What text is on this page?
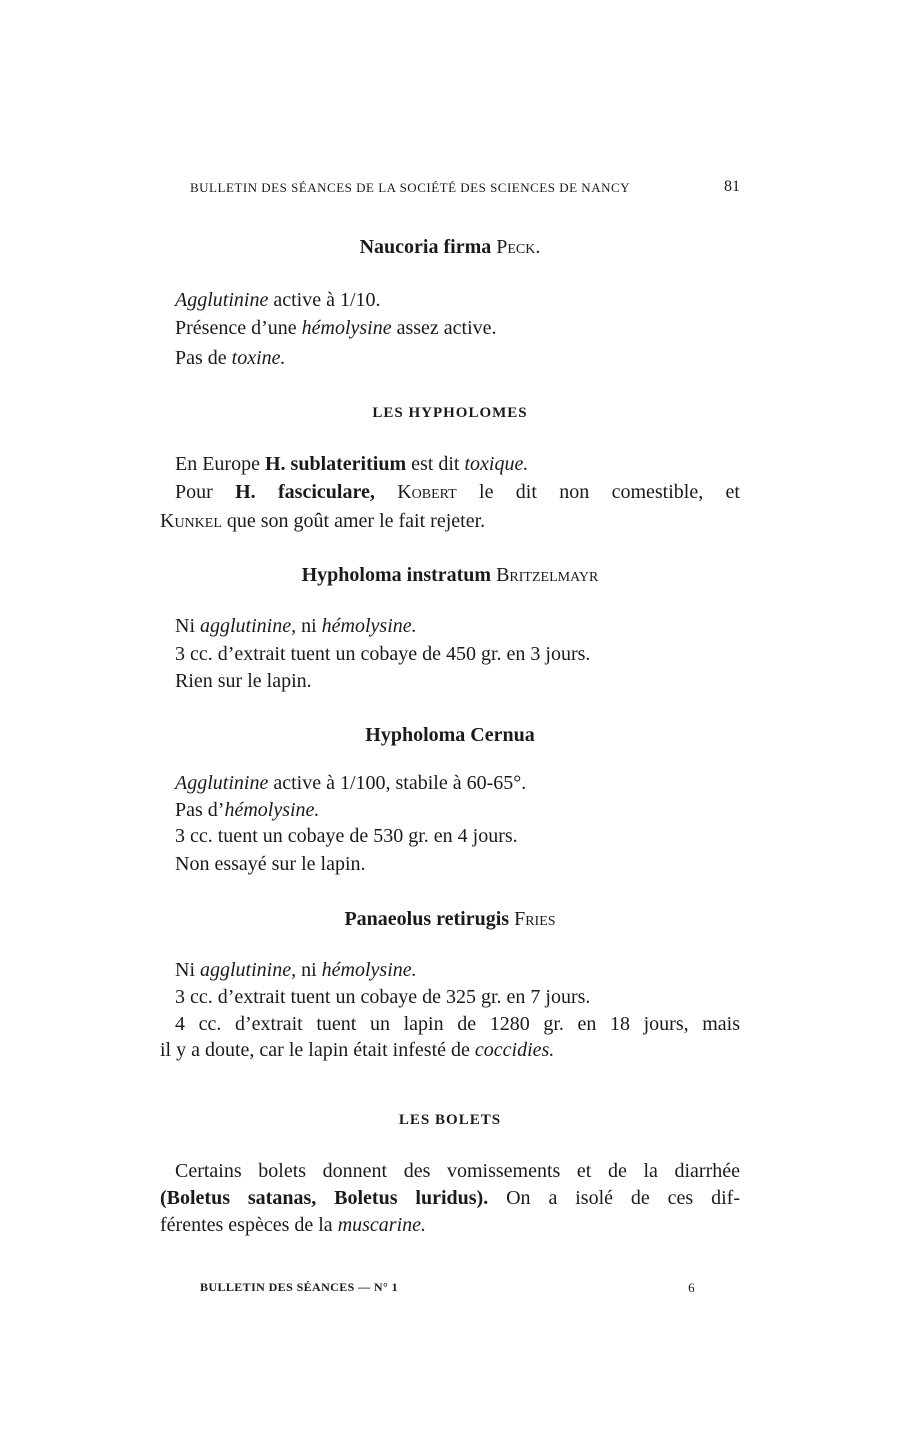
BULLETIN DES SÉANCES DE LA SOCIÉTÉ DES SCIENCES DE NANCY	81
Naucoria firma Peck.
Agglutinine active à 1/10.
Présence d’une hémolysine assez active.
Pas de toxine.
LES HYPHOLOMES
En Europe H. sublateritium est dit toxique.
Pour H. fasciculare, Kobert le dit non comestible, et
Kunkel que son goût amer le fait rejeter.
Hypholoma instratum Britzelmayr
Ni agglutinine, ni hémolysine.
3 cc. d’extrait tuent un cobaye de 450 gr. en 3 jours.
Rien sur le lapin.
Hypholoma Cernua
Agglutinine active à 1/100, stabile à 60-65°.
Pas d’hémolysine.
3 cc. tuent un cobaye de 530 gr. en 4 jours.
Non essayé sur le lapin.
Panaeolus retirugis Fries
Ni agglutinine, ni hémolysine.
3 cc. d’extrait tuent un cobaye de 325 gr. en 7 jours.
4 cc. d’extrait tuent un lapin de 1280 gr. en 18 jours, mais
il y a doute, car le lapin était infesté de coccidies.
LES BOLETS
Certains bolets donnent des vomissements et de la diarrhée
(Boletus satanas, Boletus luridus). On a isolé de ces dif-
férentes espèces de la muscarine.
BULLETIN DES SÉANCES — N° 1	6
